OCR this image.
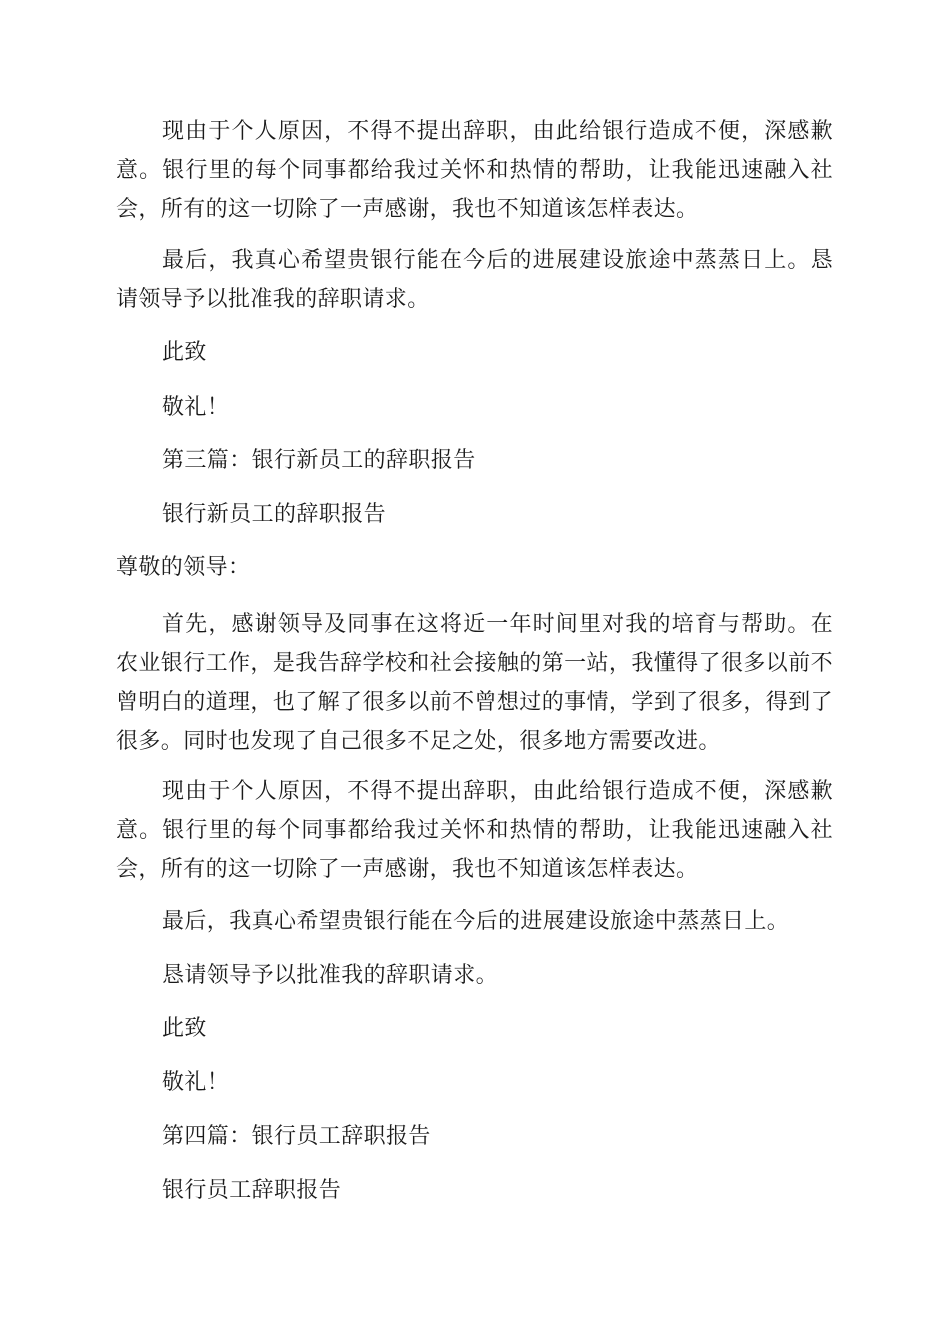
现由于个人原因，不得不提出辞职，由此给银行造成不便，深感歉意。银行里的每个同事都给我过关怀和热情的帮助，让我能迅速融入社会，所有的这一切除了一声感谢，我也不知道该怎样表达。

最后，我真心希望贵银行能在今后的进展建设旅途中蒸蒸日上。恳请领导予以批准我的辞职请求。

此致

敬礼！

第三篇：银行新员工的辞职报告

银行新员工的辞职报告

尊敬的领导：

首先，感谢领导及同事在这将近一年时间里对我的培育与帮助。在农业银行工作，是我告辞学校和社会接触的第一站，我懂得了很多以前不曾明白的道理，也了解了很多以前不曾想过的事情，学到了很多，得到了很多。同时也发现了自己很多不足之处，很多地方需要改进。

现由于个人原因，不得不提出辞职，由此给银行造成不便，深感歉意。银行里的每个同事都给我过关怀和热情的帮助，让我能迅速融入社会，所有的这一切除了一声感谢，我也不知道该怎样表达。

最后，我真心希望贵银行能在今后的进展建设旅途中蒸蒸日上。

恳请领导予以批准我的辞职请求。

此致

敬礼！

第四篇：银行员工辞职报告

银行员工辞职报告
